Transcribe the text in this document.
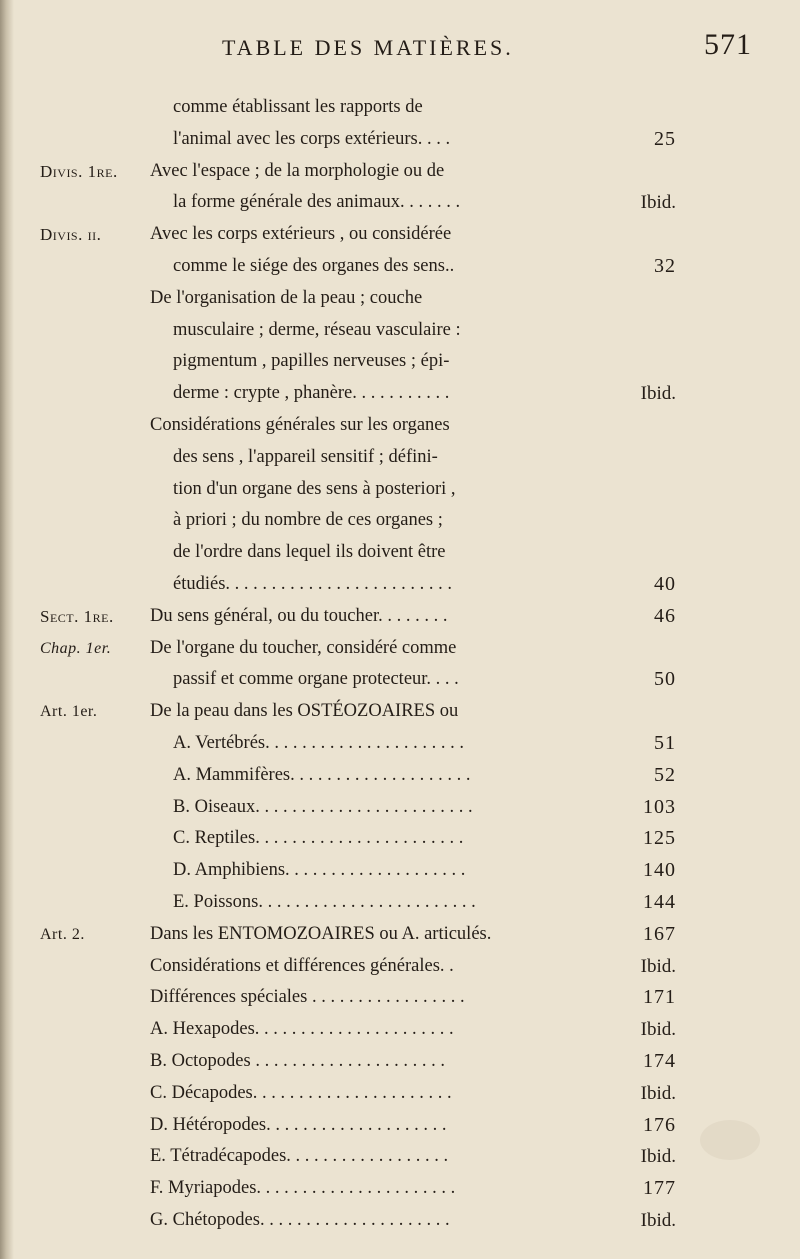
TABLE DES MATIÈRES.	571
comme établissant les rapports de
l'animal avec les corps extérieurs. . . .	25
Divis. 1re. Avec l'espace ; de la morphologie ou de
la forme générale des animaux. . . . . . .	Ibid.
Divis. ii.	Avec les corps extérieurs , ou considérée
comme le siége des organes des sens..	32
De l'organisation de la peau ; couche
musculaire ; derme, réseau vasculaire :
pigmentum , papilles nerveuses ; épi-
derme : crypte , phanère. . . . . . . . . . .	Ibid.
Considérations générales sur les organes
des sens , l'appareil sensitif ; défini-
tion d'un organe des sens à posteriori ,
à priori ; du nombre de ces organes ;
de l'ordre dans lequel ils doivent être
étudiés. . . . . . . . . . . . . . . . . . . . . . . . .	40
Sect. 1re. Du sens général, ou du toucher. . . . . . . .	46
Chap. 1er. De l'organe du toucher, considéré comme
passif et comme organe protecteur. . . .	50
Art. 1er.	De la peau dans les OSTÉOZOAIRES ou
A. Vertébrés. . . . . . . . . . . . . . . . . . . . . .	51
A. Mammifères. . . . . . . . . . . . . . . . . . . .	52
B. Oiseaux. . . . . . . . . . . . . . . . . . . . . . . .	103
C. Reptiles. . . . . . . . . . . . . . . . . . . . . . .	125
D. Amphibiens. . . . . . . . . . . . . . . . . . . .	140
E. Poissons. . . . . . . . . . . . . . . . . . . . . . . .	144
Art. 2.	Dans les ENTOMOZOAIRES ou A. articulés.	167
Considérations et différences générales. .	Ibid.
Différences spéciales . . . . . . . . . . . . . . . . .	171
A. Hexapodes. . . . . . . . . . . . . . . . . . . . . .	Ibid.
B. Octopodes . . . . . . . . . . . . . . . . . . . . .	174
C. Décapodes. . . . . . . . . . . . . . . . . . . . . .	Ibid.
D. Hétéropodes. . . . . . . . . . . . . . . . . . . .	176
E. Tétradécapodes. . . . . . . . . . . . . . . . . .	Ibid.
F. Myriapodes. . . . . . . . . . . . . . . . . . . . . .	177
G. Chétopodes. . . . . . . . . . . . . . . . . . . . .	Ibid.
